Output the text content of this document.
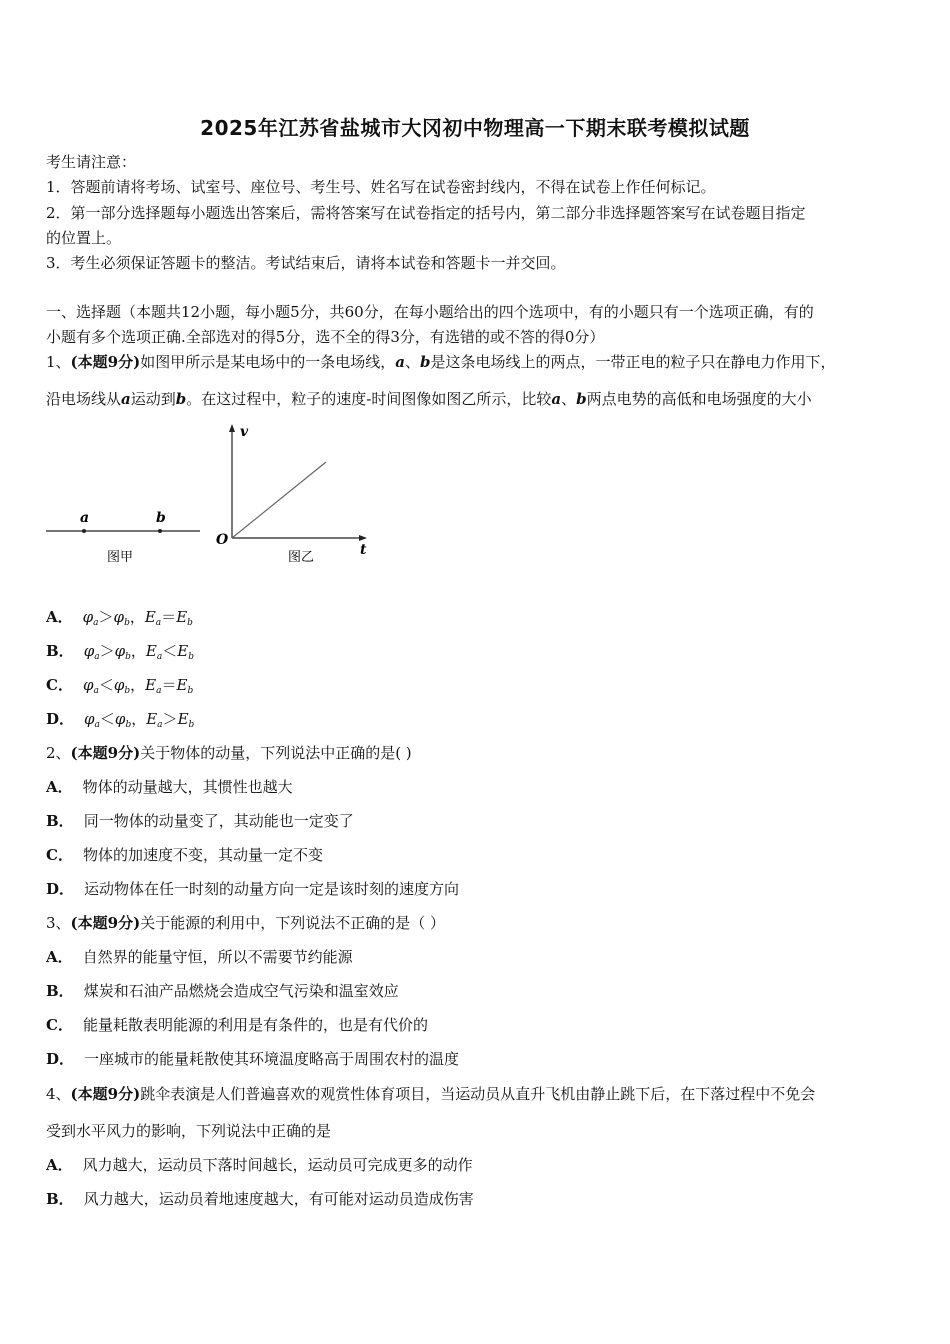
2025年江苏省盐城市大冈初中物理高一下期末联考模拟试题
考生请注意：
1．答题前请将考场、试室号、座位号、考生号、姓名写在试卷密封线内，不得在试卷上作任何标记。
2．第一部分选择题每小题选出答案后，需将答案写在试卷指定的括号内，第二部分非选择题答案写在试卷题目指定
的位置上。
3．考生必须保证答题卡的整洁。考试结束后，请将本试卷和答题卡一并交回。
一、选择题（本题共12小题，每小题5分，共60分，在每小题给出的四个选项中，有的小题只有一个选项正确，有的
小题有多个选项正确.全部选对的得5分，选不全的得3分，有选错的或不答的得0分）
1、(本题9分)如图甲所示是某电场中的一条电场线，a、b是这条电场线上的两点，一带正电的粒子只在静电力作用下，
沿电场线从a运动到b。在这过程中，粒子的速度-时间图像如图乙所示，比较a、b两点电势的高低和电场强度的大小
a	b
图甲
v
t
O
图乙
A． $\varphi_a>\varphi_b$，$E_a=E_b$
B． $\varphi_a>\varphi_b$，$E_a<E_b$
C． $\varphi_a<\varphi_b$，$E_a=E_b$
D． $\varphi_a<\varphi_b$，$E_a>E_b$
2、(本题9分)关于物体的动量，下列说法中正确的是( )
A． 物体的动量越大，其惯性也越大
B． 同一物体的动量变了，其动能也一定变了
C． 物体的加速度不变，其动量一定不变
D． 运动物体在任一时刻的动量方向一定是该时刻的速度方向
3、(本题9分)关于能源的利用中，下列说法不正确的是（ ）
A． 自然界的能量守恒，所以不需要节约能源
B． 煤炭和石油产品燃烧会造成空气污染和温室效应
C． 能量耗散表明能源的利用是有条件的，也是有代价的
D． 一座城市的能量耗散使其环境温度略高于周围农村的温度
4、(本题9分)跳伞表演是人们普遍喜欢的观赏性体育项目，当运动员从直升飞机由静止跳下后，在下落过程中不免会
受到水平风力的影响，下列说法中正确的是
A． 风力越大，运动员下落时间越长，运动员可完成更多的动作
B． 风力越大，运动员着地速度越大，有可能对运动员造成伤害
